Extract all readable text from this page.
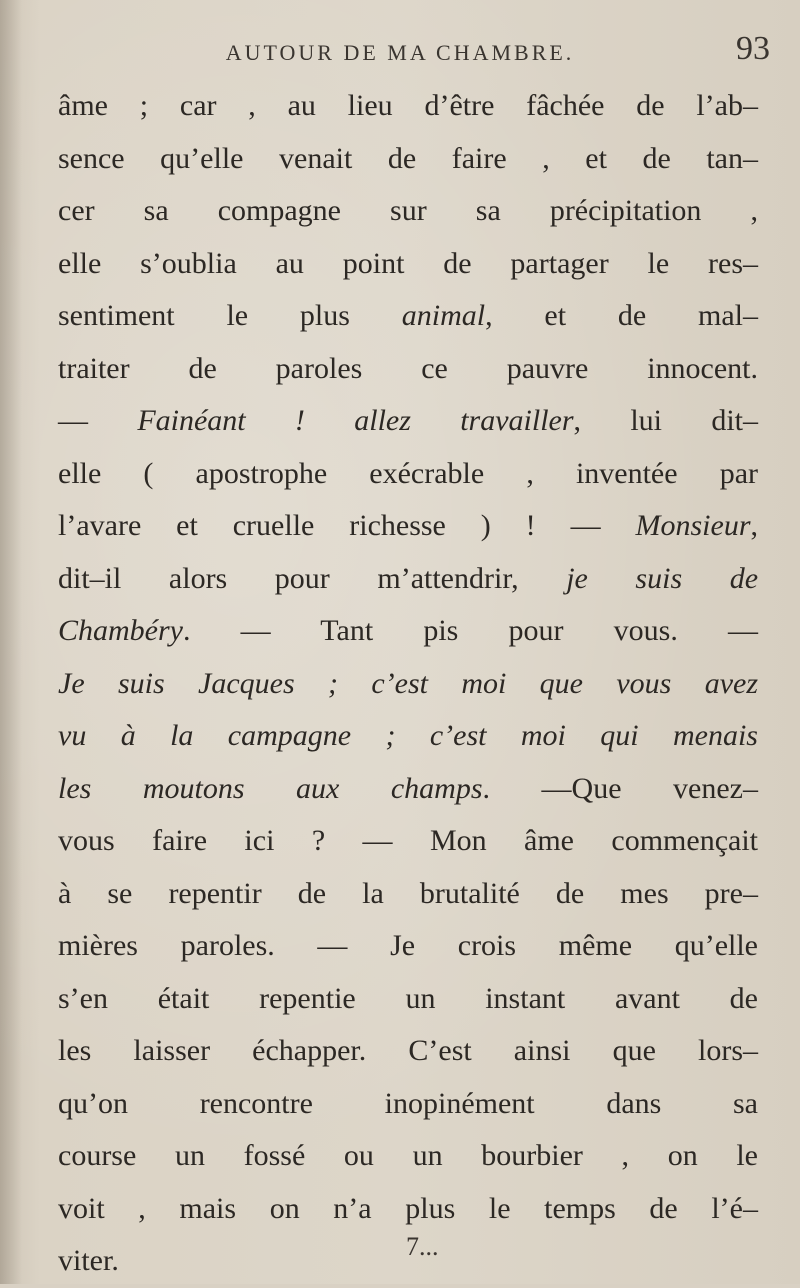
AUTOUR DE MA CHAMBRE.	93
âme ; car , au lieu d’être fâchée de l’ab–
sence qu’elle venait de faire , et de tan–
cer sa compagne sur sa précipitation ,
elle s’oublia au point de partager le res–
sentiment le plus animal, et de mal–
traiter de paroles ce pauvre innocent.
— Fainéant ! allez travailler, lui dit–
elle ( apostrophe exécrable , inventée par
l’avare et cruelle richesse ) ! — Monsieur,
dit–il alors pour m’attendrir, je suis de
Chambéry. — Tant pis pour vous. —
Je suis Jacques ; c’est moi que vous avez
vu à la campagne ; c’est moi qui menais
les moutons aux champs. —Que venez–
vous faire ici ? — Mon âme commençait
à se repentir de la brutalité de mes pre–
mières paroles. — Je crois même qu’elle
s’en était repentie un instant avant de
les laisser échapper. C’est ainsi que lors–
qu’on rencontre inopinément dans sa
course un fossé ou un bourbier , on le
voit , mais on n’a plus le temps de l’é–
viter.	7...
